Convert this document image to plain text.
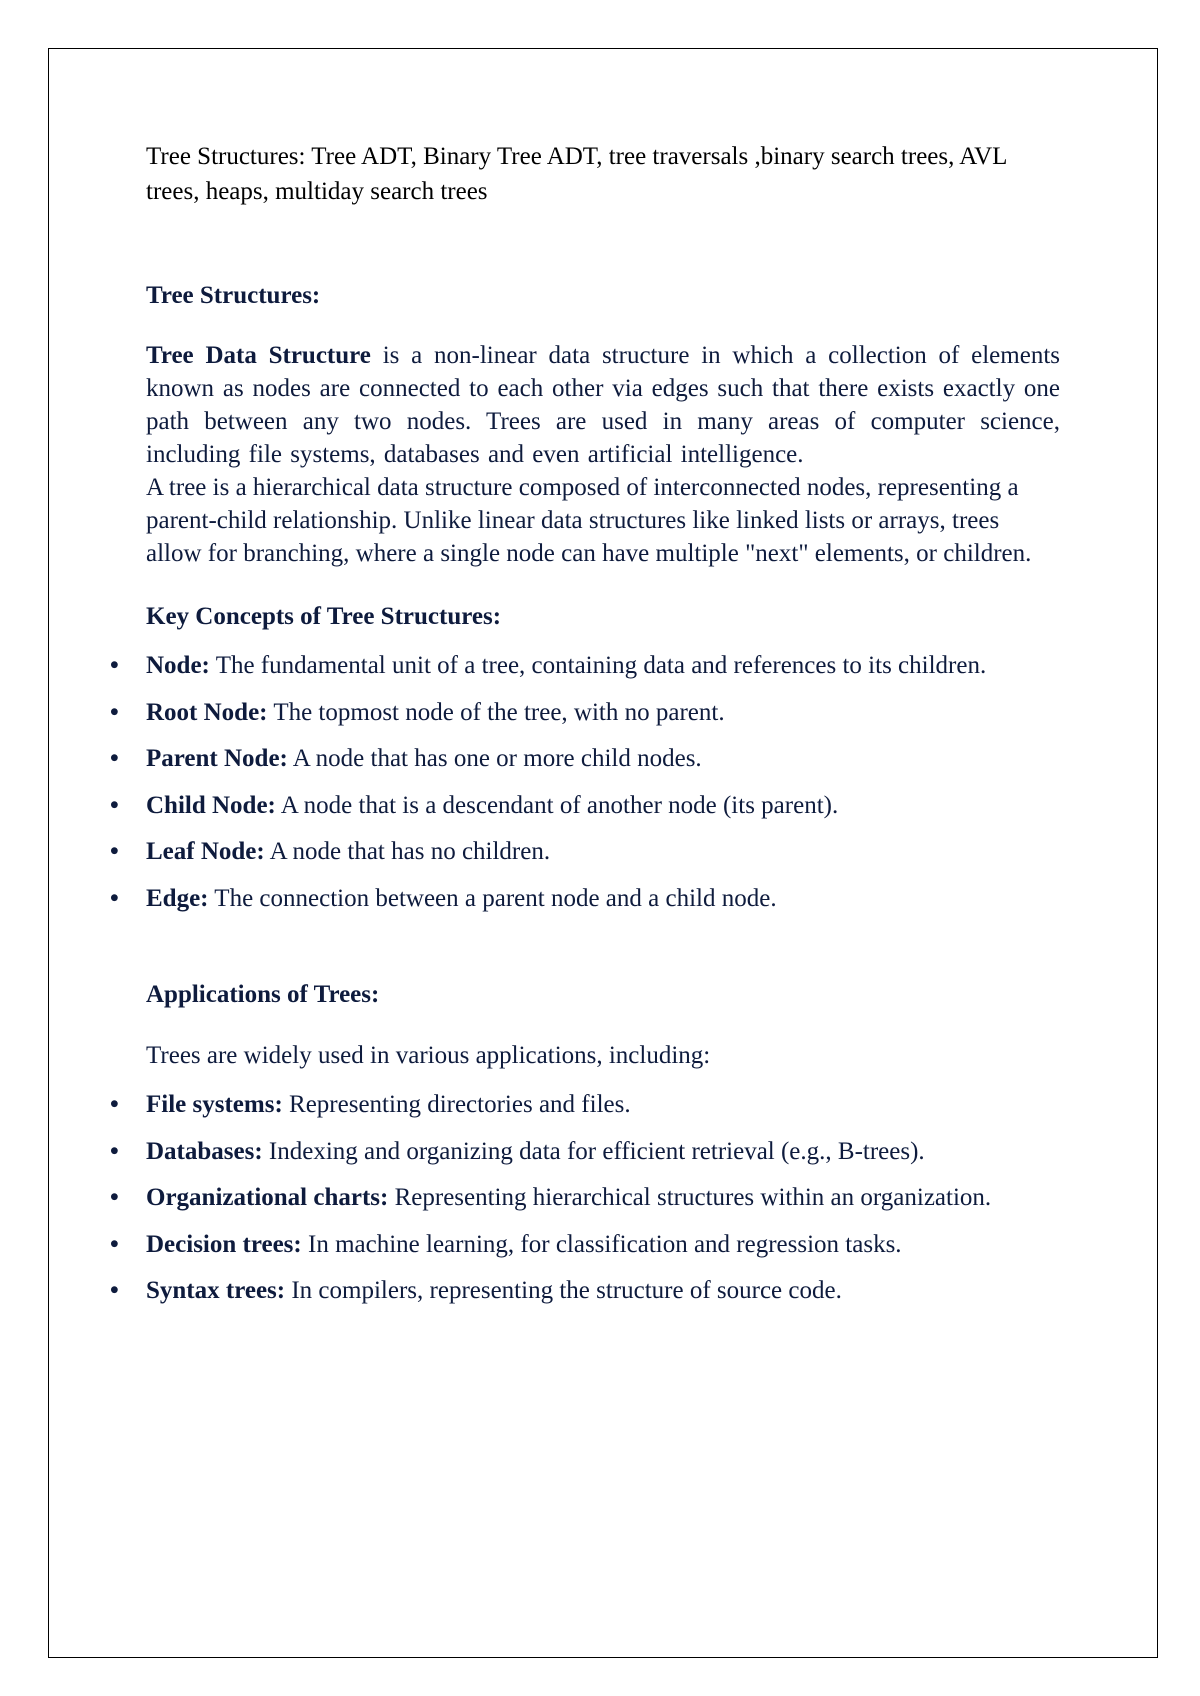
Tree Structures: Tree ADT, Binary Tree ADT, tree traversals ,binary search trees, AVL trees, heaps, multiday search trees

Tree Structures:

Tree Data Structure is a non-linear data structure in which a collection of elements known as nodes are connected to each other via edges such that there exists exactly one path between any two nodes. Trees are used in many areas of computer science, including file systems, databases and even artificial intelligence.

A tree is a hierarchical data structure composed of interconnected nodes, representing a parent-child relationship. Unlike linear data structures like linked lists or arrays, trees allow for branching, where a single node can have multiple "next" elements, or children.

Key Concepts of Tree Structures:

• Node: The fundamental unit of a tree, containing data and references to its children.
• Root Node: The topmost node of the tree, with no parent.
• Parent Node: A node that has one or more child nodes.
• Child Node: A node that is a descendant of another node (its parent).
• Leaf Node: A node that has no children.
• Edge: The connection between a parent node and a child node.

Applications of Trees:

Trees are widely used in various applications, including:

• File systems: Representing directories and files.
• Databases: Indexing and organizing data for efficient retrieval (e.g., B-trees).
• Organizational charts: Representing hierarchical structures within an organization.
• Decision trees: In machine learning, for classification and regression tasks.
• Syntax trees: In compilers, representing the structure of source code.
